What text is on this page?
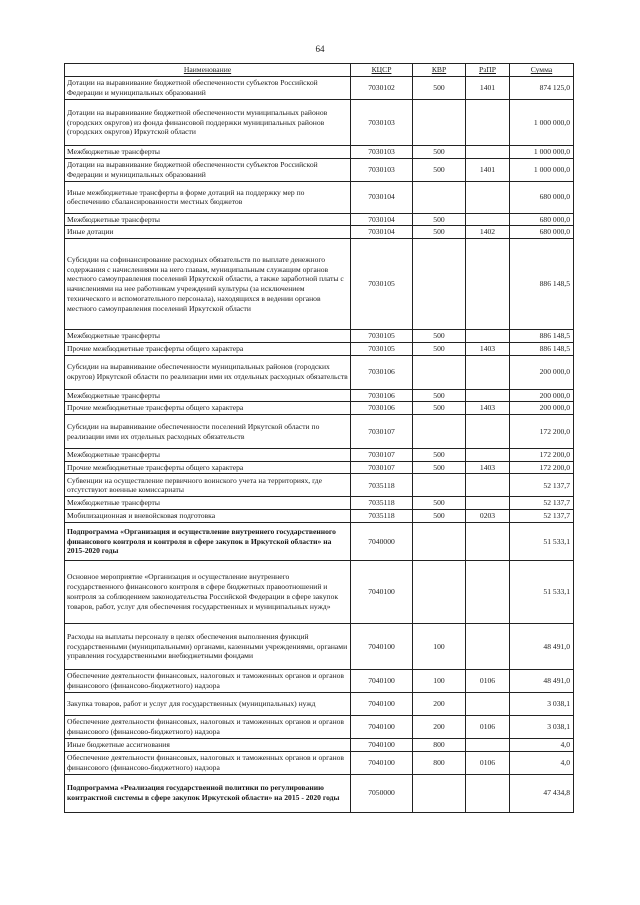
64
Наименование	КЦСР	КВР	РзПР	Сумма
Дотации на выравнивание бюджетной обеспеченности субъектов Российской Федерации и муниципальных образований	7030102	500	1401	874 125,0
Дотации на выравнивание бюджетной обеспеченности муниципальных районов (городских округов) из фонда финансовой поддержки муниципальных районов (городских округов) Иркутской области	7030103			1 000 000,0
Межбюджетные трансферты	7030103	500		1 000 000,0
Дотации на выравнивание бюджетной обеспеченности субъектов Российской Федерации и муниципальных образований	7030103	500	1401	1 000 000,0
Иные межбюджетные трансферты в форме дотаций на поддержку мер по обеспечению сбалансированности местных бюджетов	7030104			680 000,0
Межбюджетные трансферты	7030104	500		680 000,0
Иные дотации	7030104	500	1402	680 000,0
Субсидии на софинансирование расходных обязательств по выплате денежного содержания с начислениями на него главам, муниципальным служащим органов местного самоуправления поселений Иркутской области, а также заработной платы с начислениями на нее работникам учреждений культуры (за исключением технического и вспомогательного персонала), находящихся в ведении органов местного самоуправления поселений Иркутской области	7030105			886 148,5
Межбюджетные трансферты	7030105	500		886 148,5
Прочие межбюджетные трансферты общего характера	7030105	500	1403	886 148,5
Субсидии на выравнивание обеспеченности муниципальных районов (городских округов) Иркутской области по реализации ими их отдельных расходных обязательств	7030106			200 000,0
Межбюджетные трансферты	7030106	500		200 000,0
Прочие межбюджетные трансферты общего характера	7030106	500	1403	200 000,0
Субсидии на выравнивание обеспеченности поселений Иркутской области по реализации ими их отдельных расходных обязательств	7030107			172 200,0
Межбюджетные трансферты	7030107	500		172 200,0
Прочие межбюджетные трансферты общего характера	7030107	500	1403	172 200,0
Субвенции на осуществление первичного воинского учета на территориях, где отсутствуют военные комиссариаты	7035118			52 137,7
Межбюджетные трансферты	7035118	500		52 137,7
Мобилизационная и вневойсковая подготовка	7035118	500	0203	52 137,7
Подпрограмма «Организация и осуществление внутреннего государственного финансового контроля и контроля в сфере закупок в Иркутской области» на 2015-2020 годы	7040000			51 533,1
Основное мероприятие «Организация и осуществление внутреннего государственного финансового контроля в сфере бюджетных правоотношений и контроля за соблюдением законодательства Российской Федерации в сфере закупок товаров, работ, услуг для обеспечения государственных и муниципальных нужд»	7040100			51 533,1
Расходы на выплаты персоналу в целях обеспечения выполнения функций государственными (муниципальными) органами, казенными учреждениями, органами управления государственными внебюджетными фондами	7040100	100		48 491,0
Обеспечение деятельности финансовых, налоговых и таможенных органов и органов финансового (финансово-бюджетного) надзора	7040100	100	0106	48 491,0
Закупка товаров, работ и услуг для государственных (муниципальных) нужд	7040100	200		3 038,1
Обеспечение деятельности финансовых, налоговых и таможенных органов и органов финансового (финансово-бюджетного) надзора	7040100	200	0106	3 038,1
Иные бюджетные ассигнования	7040100	800		4,0
Обеспечение деятельности финансовых, налоговых и таможенных органов и органов финансового (финансово-бюджетного) надзора	7040100	800	0106	4,0
Подпрограмма «Реализация государственной политики по регулированию контрактной системы в сфере закупок Иркутской области» на 2015 - 2020 годы	7050000			47 434,8
